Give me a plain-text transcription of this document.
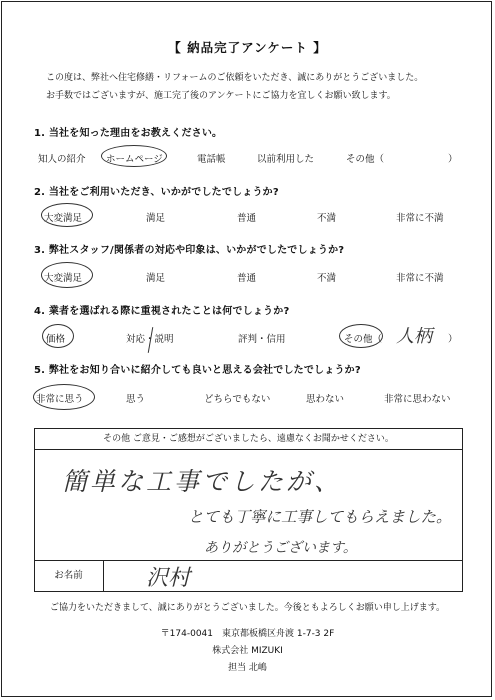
【 納品完了アンケート 】
この度は、弊社へ住宅修繕・リフォームのご依頼をいただき、誠にありがとうございました。
お手数ではございますが、施工完了後のアンケートにご協力を宜しくお願い致します。
1. 当社を知った理由をお教えください。
知人の紹介 ホームページ	電話帳	以前利用した	その他（	）
2. 当社をご利用いただき、いかがでしたでしょうか?
大変満足	満足	普通	不満	非常に不満
3. 弊社スタッフ/関係者の対応や印象は、いかがでしたでしょうか?
大変満足	満足	普通	不満	非常に不満
4. 業者を選ばれる際に重視されたことは何でしょうか?
価格	対応・説明	評判・信用	その他（	）
人柄
5. 弊社をお知り合いに紹介しても良いと思える会社でしたでしょうか?
非常に思う	思う	どちらでもない	思わない	非常に思わない
その他 ご意見・ご感想がございましたら、遠慮なくお聞かせください。
簡単な工事でしたが、
とても丁寧に工事してもらえました。
ありがとうございます。
お名前	沢村
ご協力をいただきまして、誠にありがとうございました。今後ともよろしくお願い申し上げます。
〒174-0041　東京都板橋区舟渡 1-7-3 2F
株式会社 MIZUKI
担当 北嶋
